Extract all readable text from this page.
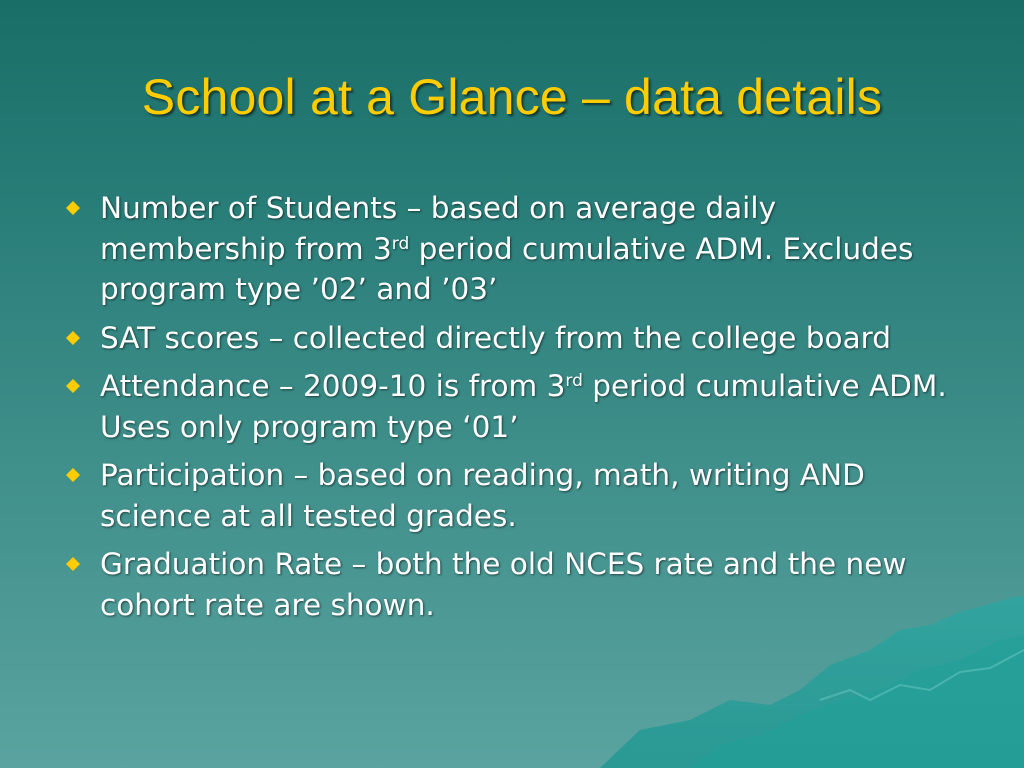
School at a Glance – data details
Number of Students – based on average daily membership from 3rd period cumulative ADM. Excludes program type ’02’ and ’03’
SAT scores – collected directly from the college board
Attendance – 2009-10 is from 3rd period cumulative ADM. Uses only program type ‘01’
Participation – based on reading, math, writing AND science at all tested grades.
Graduation Rate – both the old NCES rate and the new cohort rate are shown.
